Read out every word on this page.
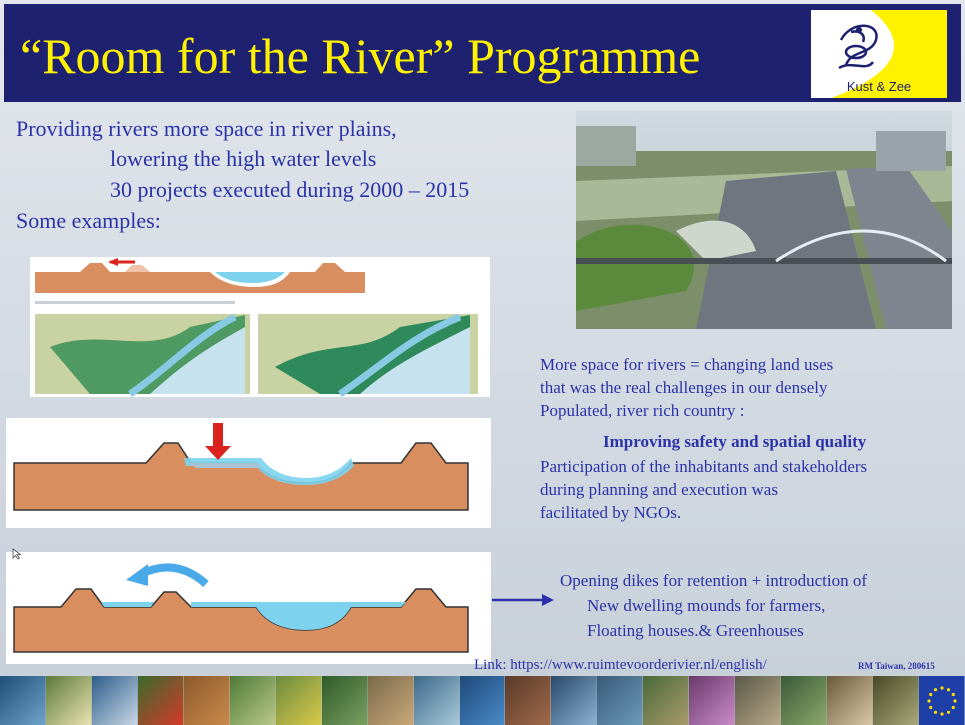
“Room for the River” Programme
Kust & Zee
Providing rivers more space in river plains,
lowering the high water levels
30 projects executed during 2000 – 2015
Some examples:
More space for rivers = changing land uses
that was the real challenges in our densely
Populated, river rich country :
Improving safety and spatial quality
Participation of the inhabitants and stakeholders
during planning and execution was
facilitated by NGOs.
Opening dikes for retention + introduction of
New dwelling mounds for farmers,
Floating houses.& Greenhouses
Link: https://www.ruimtevoorderivier.nl/english/	RM Taiwan, 280615
